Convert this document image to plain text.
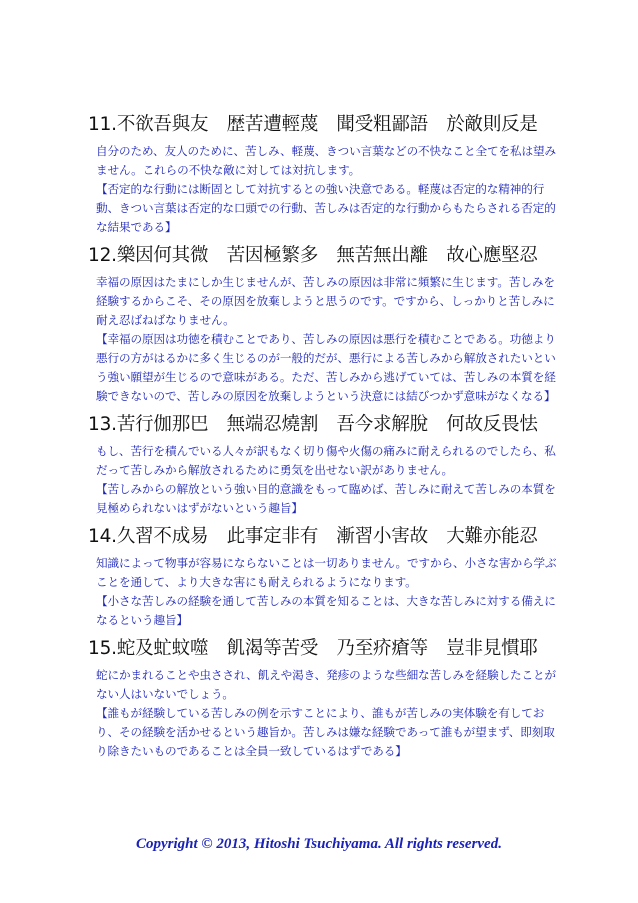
11.不欲吾與友　歴苦遭輕蔑　聞受粗鄙語　於敵則反是

自分のため、友人のために、苦しみ、軽蔑、きつい言葉などの不快なこと全てを私は望みません。これらの不快な敵に対しては対抗します。

【否定的な行動には断固として対抗するとの強い決意である。軽蔑は否定的な精神的行動、きつい言葉は否定的な口頭での行動、苦しみは否定的な行動からもたらされる否定的な結果である】

12.樂因何其微　苦因極繁多　無苦無出離　故心應堅忍

幸福の原因はたまにしか生じませんが、苦しみの原因は非常に頻繁に生じます。苦しみを経験するからこそ、その原因を放棄しようと思うのです。ですから、しっかりと苦しみに耐え忍ばねばなりません。

【幸福の原因は功徳を積むことであり、苦しみの原因は悪行を積むことである。功徳より悪行の方がはるかに多く生じるのが一般的だが、悪行による苦しみから解放されたいという強い願望が生じるので意味がある。ただ、苦しみから逃げていては、苦しみの本質を経験できないので、苦しみの原因を放棄しようという決意には結びつかず意味がなくなる】

13.苦行伽那巴　無端忍燒割　吾今求解脫　何故反畏怯

もし、苦行を積んでいる人々が訳もなく切り傷や火傷の痛みに耐えられるのでしたら、私だって苦しみから解放されるために勇気を出せない訳がありません。

【苦しみからの解放という強い目的意識をもって臨めば、苦しみに耐えて苦しみの本質を見極められないはずがないという趣旨】

14.久習不成易　此事定非有　漸習小害故　大難亦能忍

知識によって物事が容易にならないことは一切ありません。ですから、小さな害から学ぶことを通して、より大きな害にも耐えられるようになります。

【小さな苦しみの経験を通して苦しみの本質を知ることは、大きな苦しみに対する備えになるという趣旨】

15.蛇及虻蚊噬　飢渴等苦受　乃至疥瘡等　豈非見慣耶

蛇にかまれることや虫さされ、飢えや渇き、発疹のような些細な苦しみを経験したことがない人はいないでしょう。

【誰もが経験している苦しみの例を示すことにより、誰もが苦しみの実体験を有しており、その経験を活かせるという趣旨か。苦しみは嫌な経験であって誰もが望まず、即刻取り除きたいものであることは全員一致しているはずである】

Copyright © 2013, Hitoshi Tsuchiyama. All rights reserved.
